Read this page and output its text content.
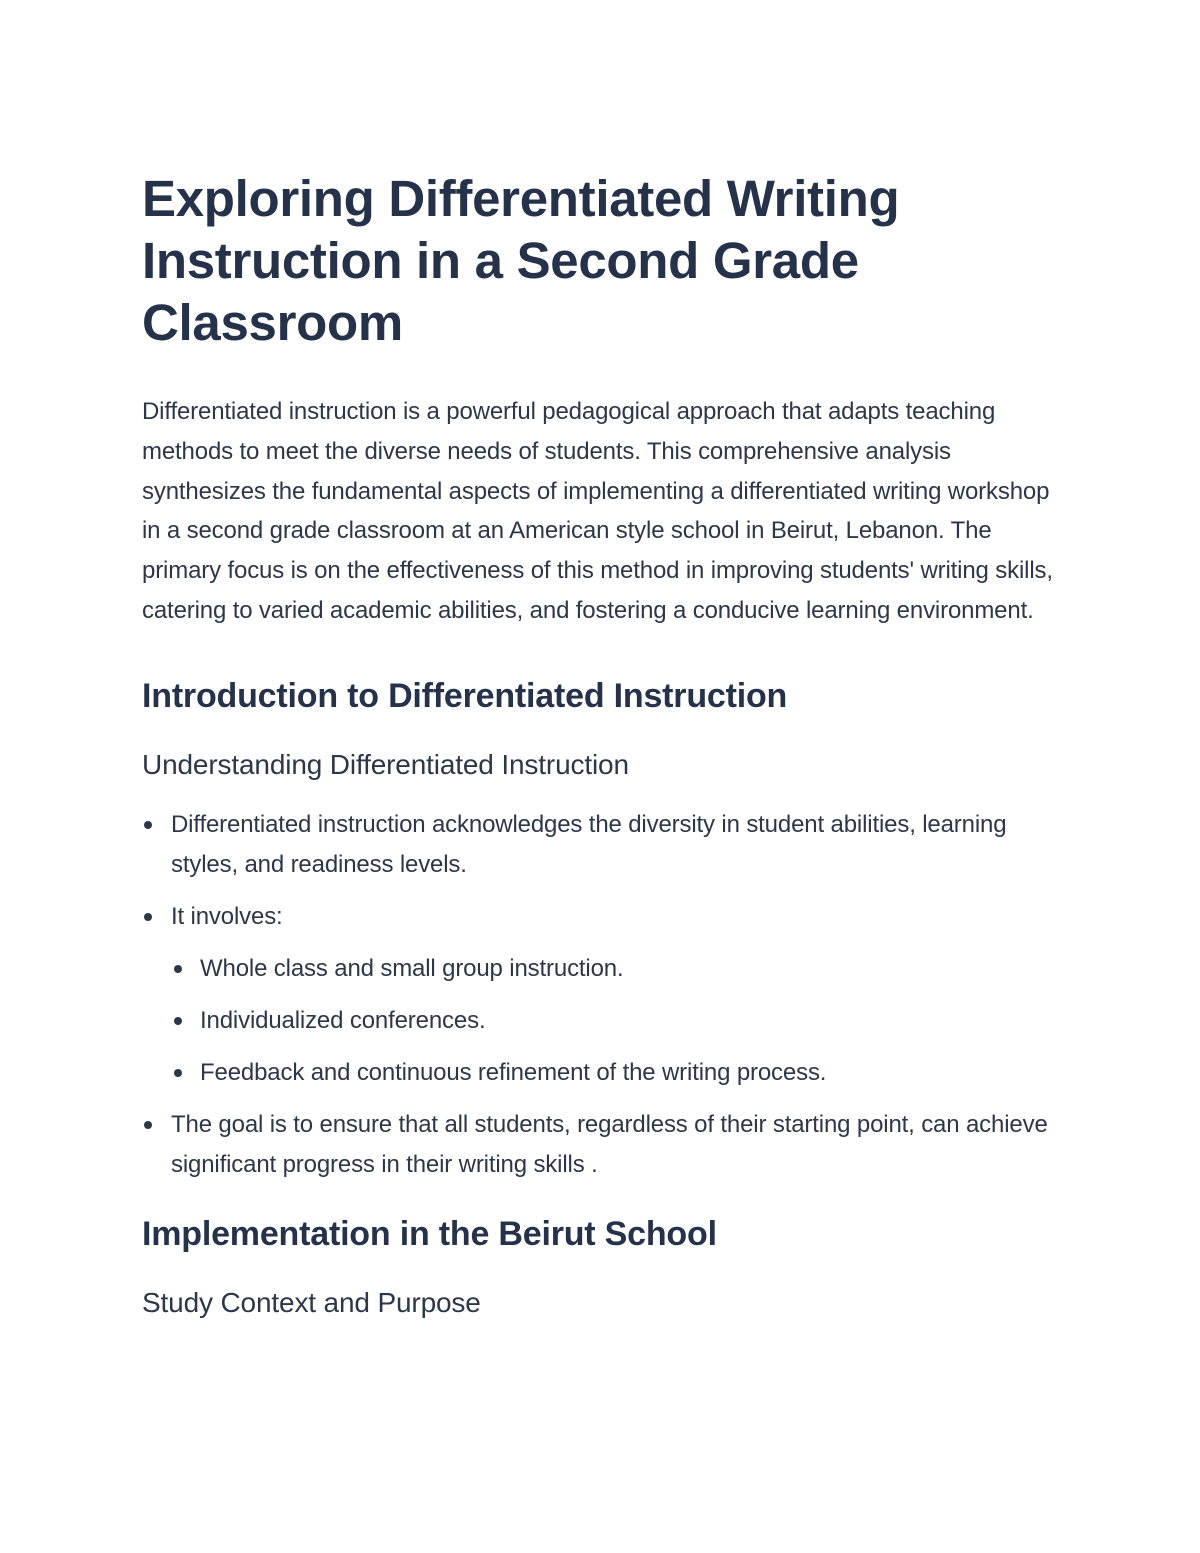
Exploring Differentiated Writing Instruction in a Second Grade Classroom

Differentiated instruction is a powerful pedagogical approach that adapts teaching methods to meet the diverse needs of students. This comprehensive analysis synthesizes the fundamental aspects of implementing a differentiated writing workshop in a second grade classroom at an American style school in Beirut, Lebanon. The primary focus is on the effectiveness of this method in improving students' writing skills, catering to varied academic abilities, and fostering a conducive learning environment.

Introduction to Differentiated Instruction
Understanding Differentiated Instruction
Differentiated instruction acknowledges the diversity in student abilities, learning styles, and readiness levels.
It involves:
Whole class and small group instruction.
Individualized conferences.
Feedback and continuous refinement of the writing process.
The goal is to ensure that all students, regardless of their starting point, can achieve significant progress in their writing skills .
Implementation in the Beirut School
Study Context and Purpose
